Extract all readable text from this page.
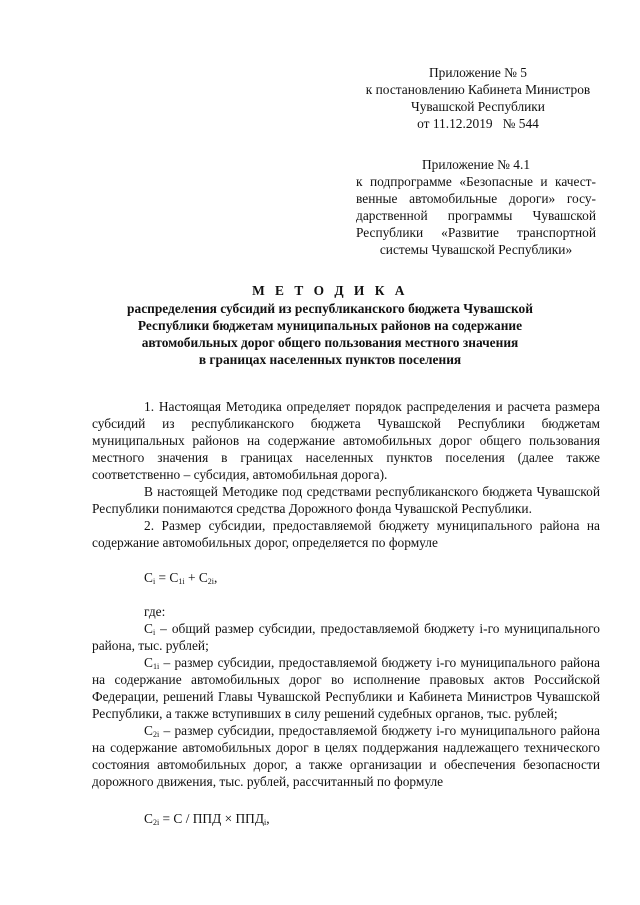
Приложение № 5
к постановлению Кабинета Министров
Чувашской Республики
от 11.12.2019   № 544
Приложение № 4.1
к подпрограмме «Безопасные и качест-
венные автомобильные дороги» госу-
дарственной программы Чувашской
Республики «Развитие транспортной
системы Чувашской Республики»
М Е Т О Д И К А
распределения субсидий из республиканского бюджета Чувашской
Республики бюджетам муниципальных районов на содержание
автомобильных дорог общего пользования местного значения
в границах населенных пунктов поселения

1. Настоящая Методика определяет порядок распределения и расчета размера субсидий из республиканского бюджета Чувашской Республики бюджетам муниципальных районов на содержание автомобильных дорог общего пользования местного значения в границах населенных пунктов поселения (далее также соответственно – субсидия, автомобильная дорога).

В настоящей Методике под средствами республиканского бюджета Чувашской Республики понимаются средства Дорожного фонда Чувашской Республики.

2. Размер субсидии, предоставляемой бюджету муниципального района на содержание автомобильных дорог, определяется по формуле

$C_i = C_{1i} + C_{2i}$,

где:

$C_i$ – общий размер субсидии, предоставляемой бюджету i-го муниципального района, тыс. рублей;

$C_{1i}$ – размер субсидии, предоставляемой бюджету i-го муниципального района на содержание автомобильных дорог во исполнение правовых актов Российской Федерации, решений Главы Чувашской Республики и Кабинета Министров Чувашской Республики, а также вступивших в силу решений судебных органов, тыс. рублей;

$C_{2i}$ – размер субсидии, предоставляемой бюджету i-го муниципального района на содержание автомобильных дорог в целях поддержания надлежащего технического состояния автомобильных дорог, а также организации и обеспечения безопасности дорожного движения, тыс. рублей, рассчитанный по формуле

$C_{2i} = C$ / ППД × $ППД_i$,
